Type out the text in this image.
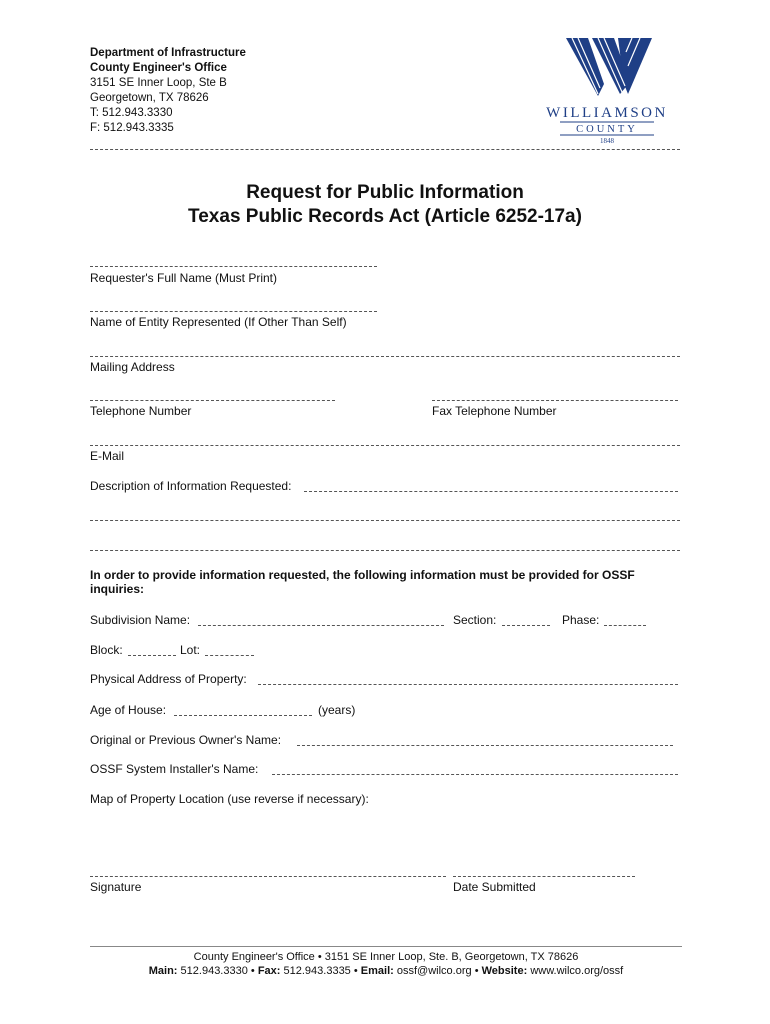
Department of Infrastructure
County Engineer's Office
3151 SE Inner Loop, Ste B
Georgetown, TX 78626
T: 512.943.3330
F: 512.943.3335
WILLIAMSON
COUNTY
1848
Request for Public Information
Texas Public Records Act (Article 6252-17a)
Requester's Full Name (Must Print)
Name of Entity Represented (If Other Than Self)
Mailing Address
Telephone Number	Fax Telephone Number
E-Mail
Description of Information Requested:
In order to provide information requested, the following information must be provided for OSSF inquiries:
Subdivision Name:	Section:	Phase:
Block:	Lot:
Physical Address of Property:
Age of House:	(years)
Original or Previous Owner's Name:
OSSF System Installer's Name:
Map of Property Location (use reverse if necessary):
Signature	Date Submitted
County Engineer's Office • 3151 SE Inner Loop, Ste. B, Georgetown, TX 78626
Main: 512.943.3330 • Fax: 512.943.3335 • Email: ossf@wilco.org • Website: www.wilco.org/ossf
